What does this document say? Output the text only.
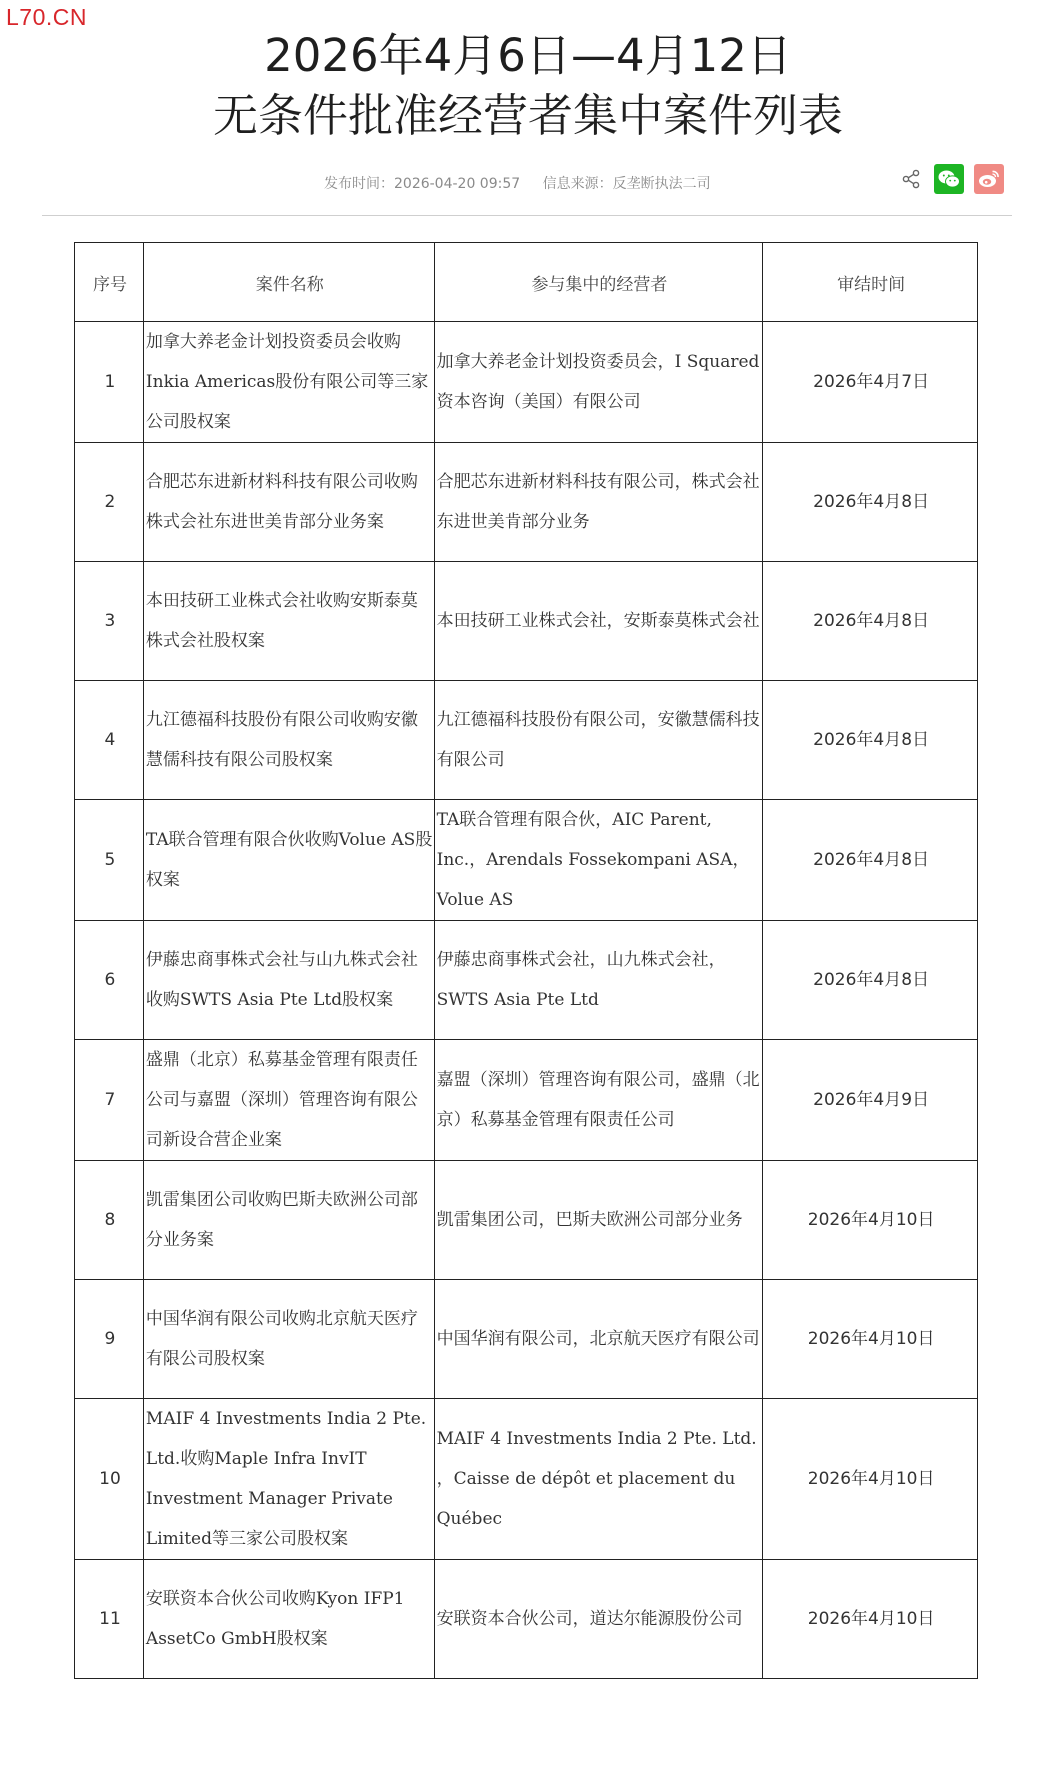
L70.CN
2026年4月6日—4月12日
无条件批准经营者集中案件列表
发布时间：2026-04-20 09:57 信息来源：反垄断执法二司
序号	案件名称	参与集中的经营者	审结时间
1	加拿大养老金计划投资委员会收购Inkia Americas股份有限公司等三家公司股权案	加拿大养老金计划投资委员会，I Squared资本咨询（美国）有限公司	2026年4月7日
2	合肥芯东进新材料科技有限公司收购株式会社东进世美肯部分业务案	合肥芯东进新材料科技有限公司，株式会社东进世美肯部分业务	2026年4月8日
3	本田技研工业株式会社收购安斯泰莫株式会社股权案	本田技研工业株式会社，安斯泰莫株式会社	2026年4月8日
4	九江德福科技股份有限公司收购安徽慧儒科技有限公司股权案	九江德福科技股份有限公司，安徽慧儒科技有限公司	2026年4月8日
5	TA联合管理有限合伙收购Volue AS股权案	TA联合管理有限合伙，AIC Parent, Inc.，Arendals Fossekompani ASA，Volue AS	2026年4月8日
6	伊藤忠商事株式会社与山九株式会社收购SWTS Asia Pte Ltd股权案	伊藤忠商事株式会社，山九株式会社， SWTS Asia Pte Ltd	2026年4月8日
7	盛鼎（北京）私募基金管理有限责任公司与嘉盟（深圳）管理咨询有限公司新设合营企业案	嘉盟（深圳）管理咨询有限公司，盛鼎（北京）私募基金管理有限责任公司	2026年4月9日
8	凯雷集团公司收购巴斯夫欧洲公司部分业务案	凯雷集团公司，巴斯夫欧洲公司部分业务	2026年4月10日
9	中国华润有限公司收购北京航天医疗有限公司股权案	中国华润有限公司，北京航天医疗有限公司	2026年4月10日
10	MAIF 4 Investments India 2 Pte. Ltd.收购Maple Infra InvIT Investment Manager Private Limited等三家公司股权案	MAIF 4 Investments India 2 Pte. Ltd. ，Caisse de dépôt et placement du Québec	2026年4月10日
11	安联资本合伙公司收购Kyon IFP1 AssetCo GmbH股权案	安联资本合伙公司，道达尔能源股份公司	2026年4月10日
